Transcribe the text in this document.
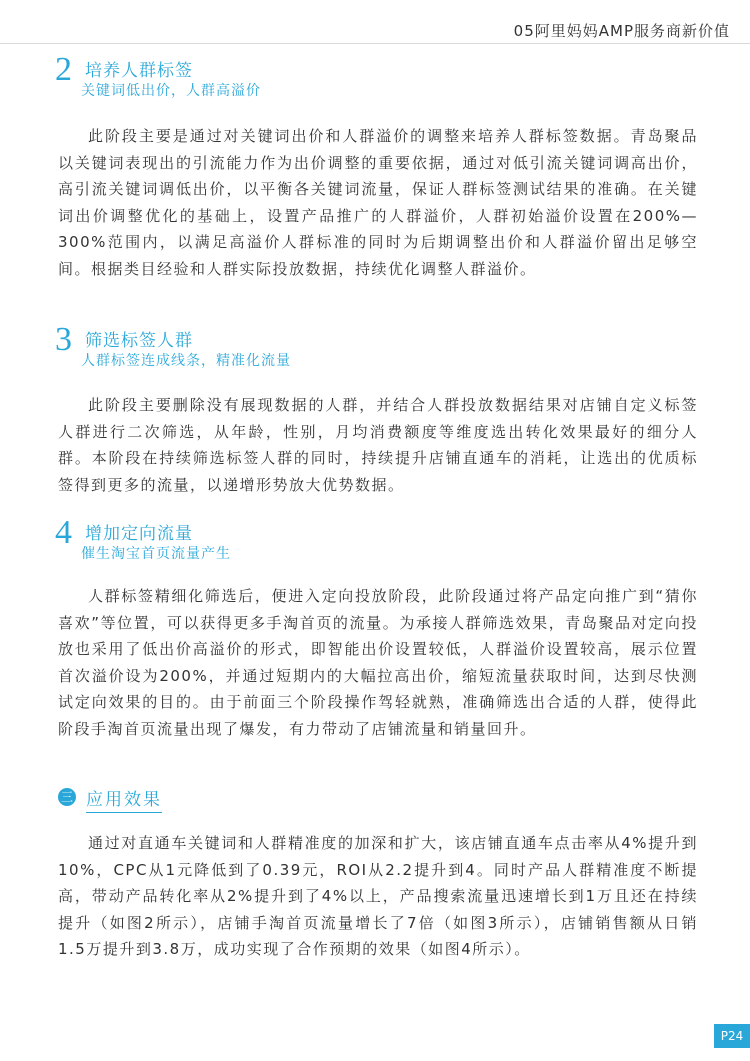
05阿里妈妈AMP服务商新价值
2 培养人群标签
关键词低出价，人群高溢价

此阶段主要是通过对关键词出价和人群溢价的调整来培养人群标签数据。青岛聚品以关键词表现出的引流能力作为出价调整的重要依据，通过对低引流关键词调高出价，高引流关键词调低出价，以平衡各关键词流量，保证人群标签测试结果的准确。在关键词出价调整优化的基础上，设置产品推广的人群溢价，人群初始溢价设置在200%—300%范围内，以满足高溢价人群标准的同时为后期调整出价和人群溢价留出足够空间。根据类目经验和人群实际投放数据，持续优化调整人群溢价。

3 筛选标签人群
人群标签连成线条，精准化流量

此阶段主要删除没有展现数据的人群，并结合人群投放数据结果对店铺自定义标签人群进行二次筛选，从年龄，性别，月均消费额度等维度选出转化效果最好的细分人群。本阶段在持续筛选标签人群的同时，持续提升店铺直通车的消耗，让选出的优质标签得到更多的流量，以递增形势放大优势数据。

4 增加定向流量
催生淘宝首页流量产生

人群标签精细化筛选后，便进入定向投放阶段，此阶段通过将产品定向推广到“猜你喜欢”等位置，可以获得更多手淘首页的流量。为承接人群筛选效果，青岛聚品对定向投放也采用了低出价高溢价的形式，即智能出价设置较低，人群溢价设置较高，展示位置首次溢价设为200%，并通过短期内的大幅拉高出价，缩短流量获取时间，达到尽快测试定向效果的目的。由于前面三个阶段操作驾轻就熟，准确筛选出合适的人群，使得此阶段手淘首页流量出现了爆发，有力带动了店铺流量和销量回升。

三 应用效果

通过对直通车关键词和人群精准度的加深和扩大，该店铺直通车点击率从4%提升到10%，CPC从1元降低到了0.39元，ROI从2.2提升到4。同时产品人群精准度不断提高，带动产品转化率从2%提升到了4%以上，产品搜索流量迅速增长到1万且还在持续提升（如图2所示），店铺手淘首页流量增长了7倍（如图3所示），店铺销售额从日销1.5万提升到3.8万，成功实现了合作预期的效果（如图4所示）。

P24
